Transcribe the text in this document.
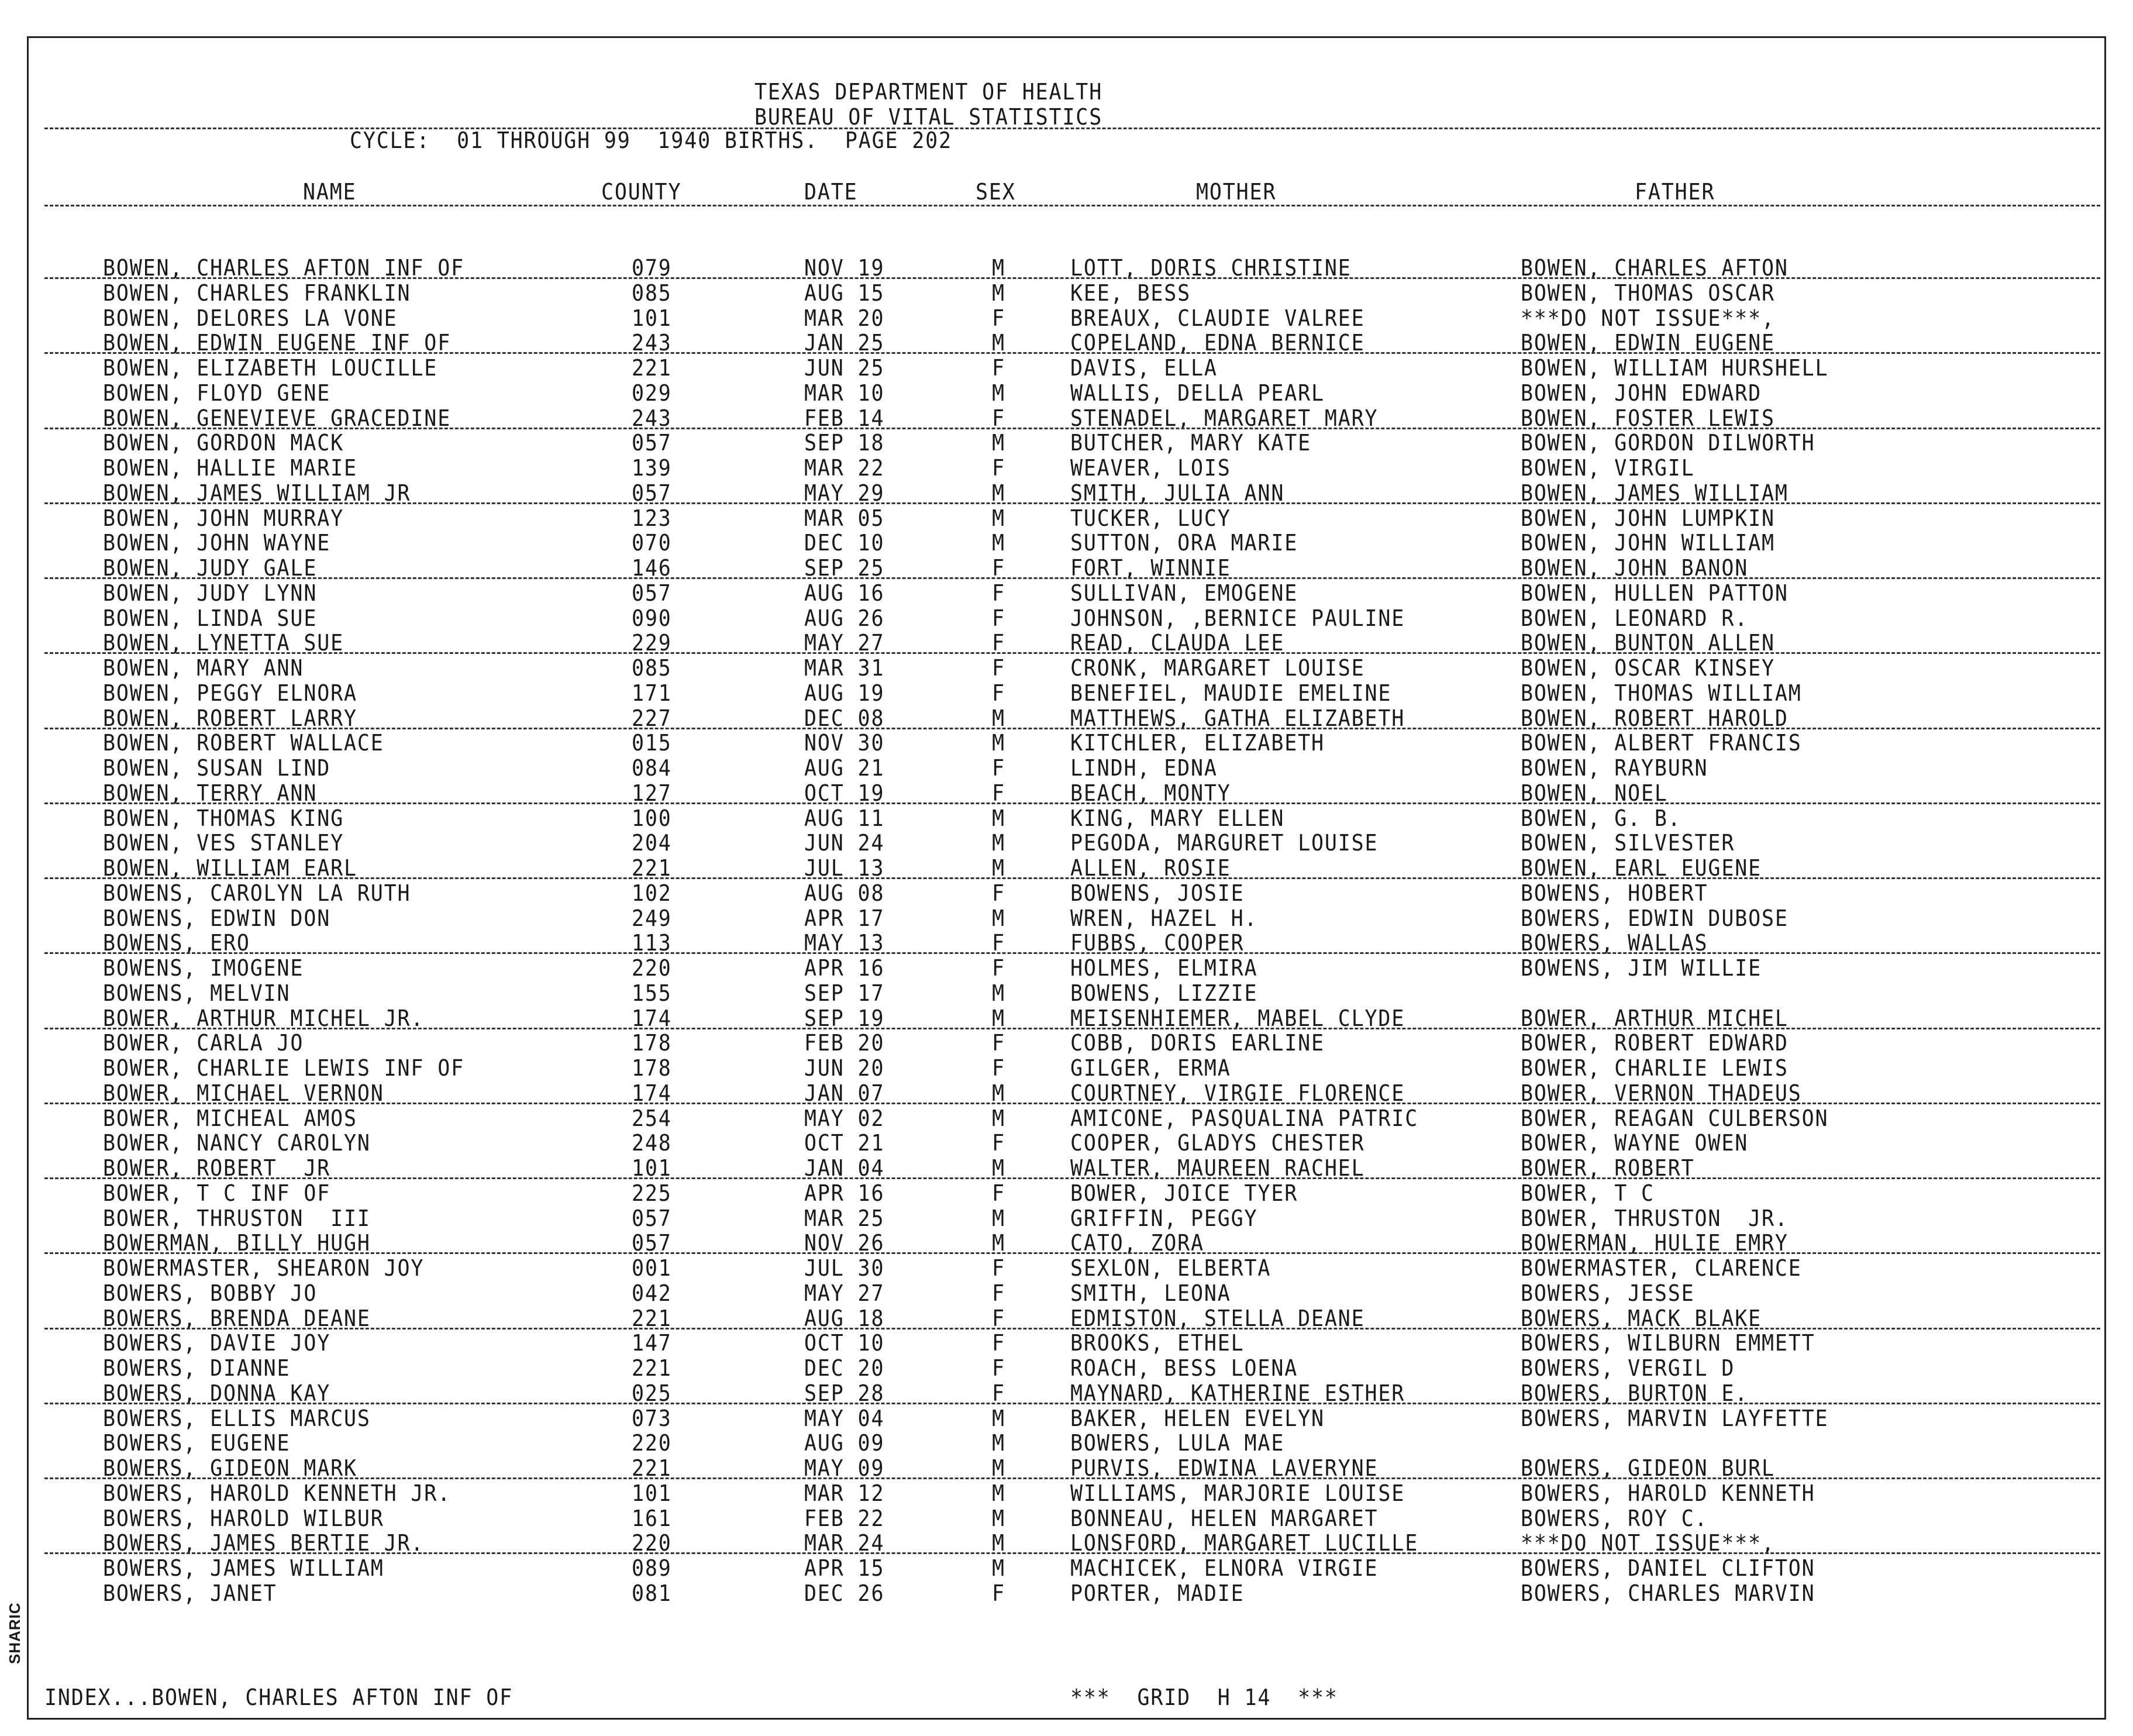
TEXAS DEPARTMENT OF HEALTH
BUREAU OF VITAL STATISTICS
CYCLE:  01 THROUGH 99  1940 BIRTHS.  PAGE 202
NAME	COUNTY	DATE	SEX	MOTHER	FATHER
BOWEN, CHARLES AFTON INF OF	079	NOV 19	M	LOTT, DORIS CHRISTINE	BOWEN, CHARLES AFTON
BOWEN, CHARLES FRANKLIN	085	AUG 15	M	KEE, BESS	BOWEN, THOMAS OSCAR
BOWEN, DELORES LA VONE	101	MAR 20	F	BREAUX, CLAUDIE VALREE	***DO NOT ISSUE***,
BOWEN, EDWIN EUGENE INF OF	243	JAN 25	M	COPELAND, EDNA BERNICE	BOWEN, EDWIN EUGENE
BOWEN, ELIZABETH LOUCILLE	221	JUN 25	F	DAVIS, ELLA	BOWEN, WILLIAM HURSHELL
BOWEN, FLOYD GENE	029	MAR 10	M	WALLIS, DELLA PEARL	BOWEN, JOHN EDWARD
BOWEN, GENEVIEVE GRACEDINE	243	FEB 14	F	STENADEL, MARGARET MARY	BOWEN, FOSTER LEWIS
BOWEN, GORDON MACK	057	SEP 18	M	BUTCHER, MARY KATE	BOWEN, GORDON DILWORTH
BOWEN, HALLIE MARIE	139	MAR 22	F	WEAVER, LOIS	BOWEN, VIRGIL
BOWEN, JAMES WILLIAM JR	057	MAY 29	M	SMITH, JULIA ANN	BOWEN, JAMES WILLIAM
BOWEN, JOHN MURRAY	123	MAR 05	M	TUCKER, LUCY	BOWEN, JOHN LUMPKIN
BOWEN, JOHN WAYNE	070	DEC 10	M	SUTTON, ORA MARIE	BOWEN, JOHN WILLIAM
BOWEN, JUDY GALE	146	SEP 25	F	FORT, WINNIE	BOWEN, JOHN BANON
BOWEN, JUDY LYNN	057	AUG 16	F	SULLIVAN, EMOGENE	BOWEN, HULLEN PATTON
BOWEN, LINDA SUE	090	AUG 26	F	JOHNSON, ,BERNICE PAULINE	BOWEN, LEONARD R.
BOWEN, LYNETTA SUE	229	MAY 27	F	READ, CLAUDA LEE	BOWEN, BUNTON ALLEN
BOWEN, MARY ANN	085	MAR 31	F	CRONK, MARGARET LOUISE	BOWEN, OSCAR KINSEY
BOWEN, PEGGY ELNORA	171	AUG 19	F	BENEFIEL, MAUDIE EMELINE	BOWEN, THOMAS WILLIAM
BOWEN, ROBERT LARRY	227	DEC 08	M	MATTHEWS, GATHA ELIZABETH	BOWEN, ROBERT HAROLD
BOWEN, ROBERT WALLACE	015	NOV 30	M	KITCHLER, ELIZABETH	BOWEN, ALBERT FRANCIS
BOWEN, SUSAN LIND	084	AUG 21	F	LINDH, EDNA	BOWEN, RAYBURN
BOWEN, TERRY ANN	127	OCT 19	F	BEACH, MONTY	BOWEN, NOEL
BOWEN, THOMAS KING	100	AUG 11	M	KING, MARY ELLEN	BOWEN, G. B.
BOWEN, VES STANLEY	204	JUN 24	M	PEGODA, MARGURET LOUISE	BOWEN, SILVESTER
BOWEN, WILLIAM EARL	221	JUL 13	M	ALLEN, ROSIE	BOWEN, EARL EUGENE
BOWENS, CAROLYN LA RUTH	102	AUG 08	F	BOWENS, JOSIE	BOWENS, HOBERT
BOWENS, EDWIN DON	249	APR 17	M	WREN, HAZEL H.	BOWERS, EDWIN DUBOSE
BOWENS, ERO	113	MAY 13	F	FUBBS, COOPER	BOWERS, WALLAS
BOWENS, IMOGENE	220	APR 16	F	HOLMES, ELMIRA	BOWENS, JIM WILLIE
BOWENS, MELVIN	155	SEP 17	M	BOWENS, LIZZIE
BOWER, ARTHUR MICHEL JR.	174	SEP 19	M	MEISENHIEMER, MABEL CLYDE	BOWER, ARTHUR MICHEL
BOWER, CARLA JO	178	FEB 20	F	COBB, DORIS EARLINE	BOWER, ROBERT EDWARD
BOWER, CHARLIE LEWIS INF OF	178	JUN 20	F	GILGER, ERMA	BOWER, CHARLIE LEWIS
BOWER, MICHAEL VERNON	174	JAN 07	M	COURTNEY, VIRGIE FLORENCE	BOWER, VERNON THADEUS
BOWER, MICHEAL AMOS	254	MAY 02	M	AMICONE, PASQUALINA PATRIC	BOWER, REAGAN CULBERSON
BOWER, NANCY CAROLYN	248	OCT 21	F	COOPER, GLADYS CHESTER	BOWER, WAYNE OWEN
BOWER, ROBERT  JR	101	JAN 04	M	WALTER, MAUREEN RACHEL	BOWER, ROBERT
BOWER, T C INF OF	225	APR 16	F	BOWER, JOICE TYER	BOWER, T C
BOWER, THRUSTON  III	057	MAR 25	M	GRIFFIN, PEGGY	BOWER, THRUSTON  JR.
BOWERMAN, BILLY HUGH	057	NOV 26	M	CATO, ZORA	BOWERMAN, HULIE EMRY
BOWERMASTER, SHEARON JOY	001	JUL 30	F	SEXLON, ELBERTA	BOWERMASTER, CLARENCE
BOWERS, BOBBY JO	042	MAY 27	F	SMITH, LEONA	BOWERS, JESSE
BOWERS, BRENDA DEANE	221	AUG 18	F	EDMISTON, STELLA DEANE	BOWERS, MACK BLAKE
BOWERS, DAVIE JOY	147	OCT 10	F	BROOKS, ETHEL	BOWERS, WILBURN EMMETT
BOWERS, DIANNE	221	DEC 20	F	ROACH, BESS LOENA	BOWERS, VERGIL D
BOWERS, DONNA KAY	025	SEP 28	F	MAYNARD, KATHERINE ESTHER	BOWERS, BURTON E.
BOWERS, ELLIS MARCUS	073	MAY 04	M	BAKER, HELEN EVELYN	BOWERS, MARVIN LAYFETTE
BOWERS, EUGENE	220	AUG 09	M	BOWERS, LULA MAE
BOWERS, GIDEON MARK	221	MAY 09	M	PURVIS, EDWINA LAVERYNE	BOWERS, GIDEON BURL
BOWERS, HAROLD KENNETH JR.	101	MAR 12	M	WILLIAMS, MARJORIE LOUISE	BOWERS, HAROLD KENNETH
BOWERS, HAROLD WILBUR	161	FEB 22	M	BONNEAU, HELEN MARGARET	BOWERS, ROY C.
BOWERS, JAMES BERTIE JR.	220	MAR 24	M	LONSFORD, MARGARET LUCILLE	***DO NOT ISSUE***,
BOWERS, JAMES WILLIAM	089	APR 15	M	MACHICEK, ELNORA VIRGIE	BOWERS, DANIEL CLIFTON
BOWERS, JANET	081	DEC 26	F	PORTER, MADIE	BOWERS, CHARLES MARVIN
INDEX...BOWEN, CHARLES AFTON INF OF	***  GRID  H 14  ***
SHARIC
